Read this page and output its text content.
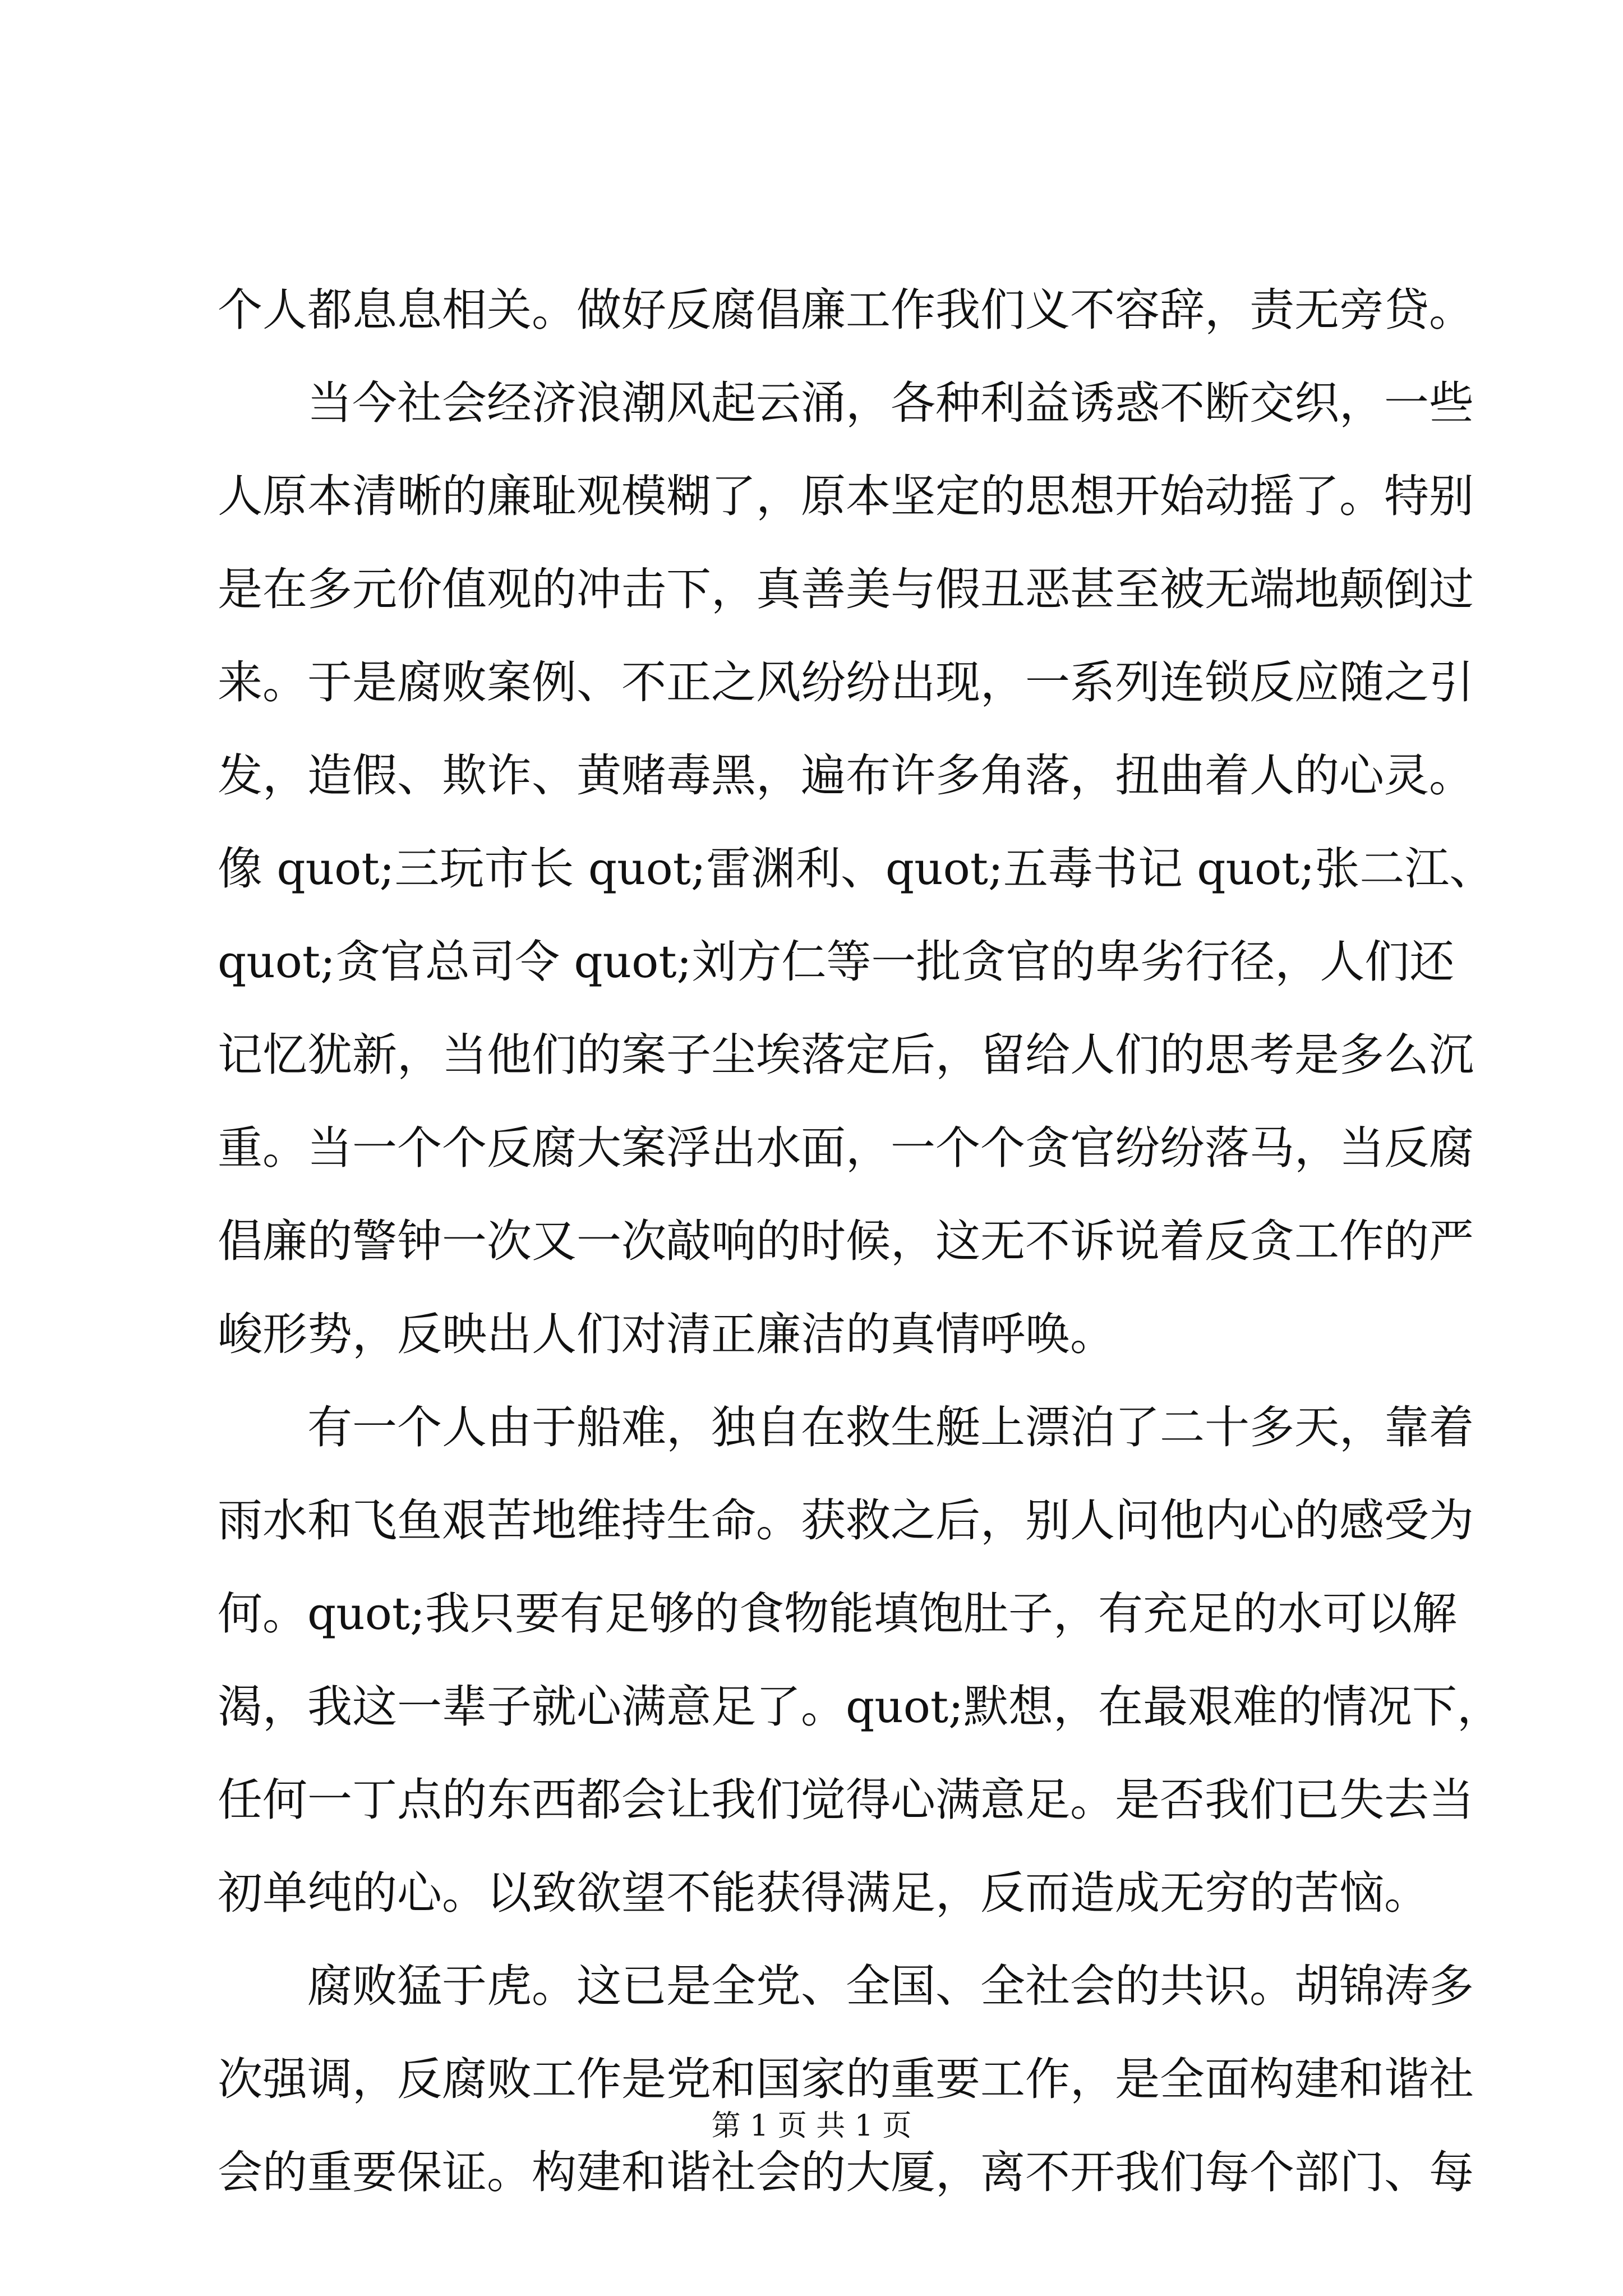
个人都息息相关。做好反腐倡廉工作我们义不容辞，责无旁贷。
当今社会经济浪潮风起云涌，各种利益诱惑不断交织，一些
人原本清晰的廉耻观模糊了，原本坚定的思想开始动摇了。特别
是在多元价值观的冲击下，真善美与假丑恶甚至被无端地颠倒过
来。于是腐败案例、不正之风纷纷出现，一系列连锁反应随之引
发，造假、欺诈、黄赌毒黑，遍布许多角落，扭曲着人的心灵。
像 quot;三玩市长 quot;雷渊利、quot;五毒书记 quot;张二江、
quot;贪官总司令 quot;刘方仁等一批贪官的卑劣行径，人们还
记忆犹新，当他们的案子尘埃落定后，留给人们的思考是多么沉
重。当一个个反腐大案浮出水面，一个个贪官纷纷落马，当反腐
倡廉的警钟一次又一次敲响的时候，这无不诉说着反贪工作的严
峻形势，反映出人们对清正廉洁的真情呼唤。
有一个人由于船难，独自在救生艇上漂泊了二十多天，靠着
雨水和飞鱼艰苦地维持生命。获救之后，别人问他内心的感受为
何。quot;我只要有足够的食物能填饱肚子，有充足的水可以解
渴，我这一辈子就心满意足了。quot;默想，在最艰难的情况下，
任何一丁点的东西都会让我们觉得心满意足。是否我们已失去当
初单纯的心。以致欲望不能获得满足，反而造成无穷的苦恼。
腐败猛于虎。这已是全党、全国、全社会的共识。胡锦涛多
次强调，反腐败工作是党和国家的重要工作，是全面构建和谐社
会的重要保证。构建和谐社会的大厦，离不开我们每个部门、每
第 1 页 共 1 页
